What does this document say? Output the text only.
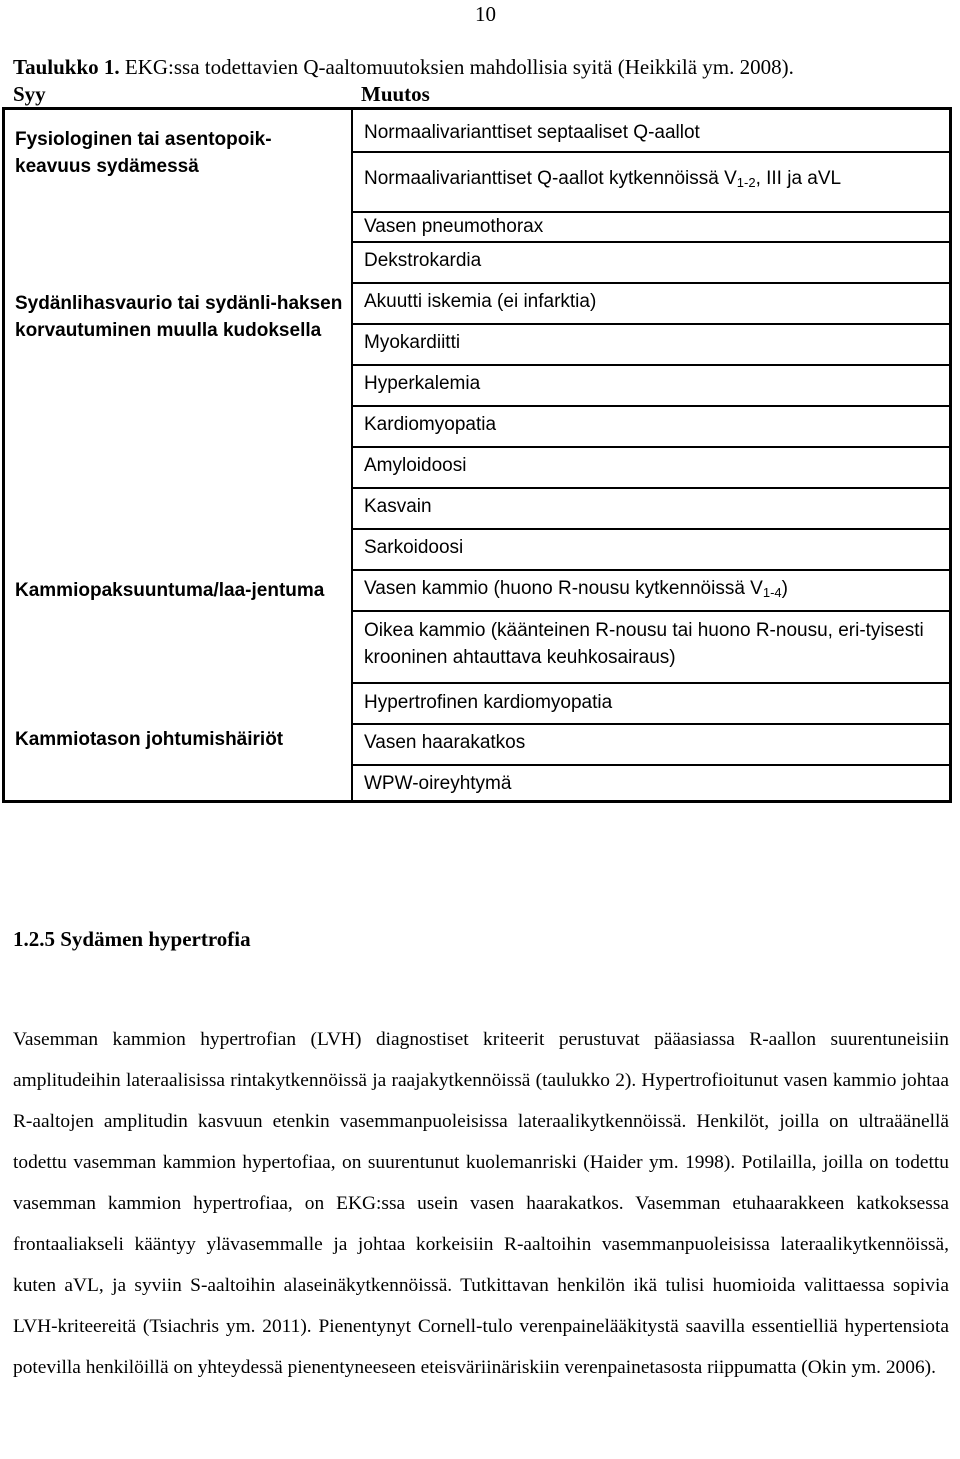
10
Taulukko 1. EKG:ssa todettavien Q-aaltomuutoksien mahdollisia syitä (Heikkilä ym. 2008).
Syy	Muutos
Fysiologinen tai asentopoik-keavuus sydämessä
Sydänlihasvaurio tai sydänli-haksen korvautuminen muulla kudoksella
Kammiopaksuuntuma/laa-jentuma
Kammiotason johtumishäiriöt
Normaalivarianttiset septaaliset Q-aallot
Normaalivarianttiset Q-aallot kytkennöissä $V_{1-2}$, III ja aVL
Vasen pneumothorax
Dekstrokardia
Akuutti iskemia (ei infarktia)
Myokardiitti
Hyperkalemia
Kardiomyopatia
Amyloidoosi
Kasvain
Sarkoidoosi
Vasen kammio (huono R-nousu kytkennöissä $V_{1-4}$)
Oikea kammio (käänteinen R-nousu tai huono R-nousu, eri-tyisesti krooninen ahtauttava keuhkosairaus)
Hypertrofinen kardiomyopatia
Vasen haarakatkos
WPW-oireyhtymä
1.2.5 Sydämen hypertrofia
Vasemman kammion hypertrofian (LVH) diagnostiset kriteerit perustuvat pääasiassa R-aallon suurentuneisiin amplitudeihin lateraalisissa rintakytkennöissä ja raajakytkennöissä (taulukko 2). Hypertrofioitunut vasen kammio johtaa R-aaltojen amplitudin kasvuun etenkin vasemmanpuoleisissa lateraalikytkennöissä. Henkilöt, joilla on ultraäänellä todettu vasemman kammion hypertofiaa, on suurentunut kuolemanriski (Haider ym. 1998). Potilailla, joilla on todettu vasemman kammion hypertrofiaa, on EKG:ssa usein vasen haarakatkos. Vasemman etuhaarakkeen katkoksessa frontaaliakseli kääntyy ylävasemmalle ja johtaa korkeisiin R-aaltoihin vasemmanpuoleisissa lateraalikytkennöissä, kuten aVL, ja syviin S-aaltoihin alaseinäkytkennöissä. Tutkittavan henkilön ikä tulisi huomioida valittaessa sopivia LVH-kriteereitä (Tsiachris ym. 2011). Pienentynyt Cornell-tulo verenpainelääkitystä saavilla essentielliä hypertensiota potevilla henkilöillä on yhteydessä pienentyneeseen eteisväriinäriskiin verenpainetasosta riippumatta (Okin ym. 2006).
